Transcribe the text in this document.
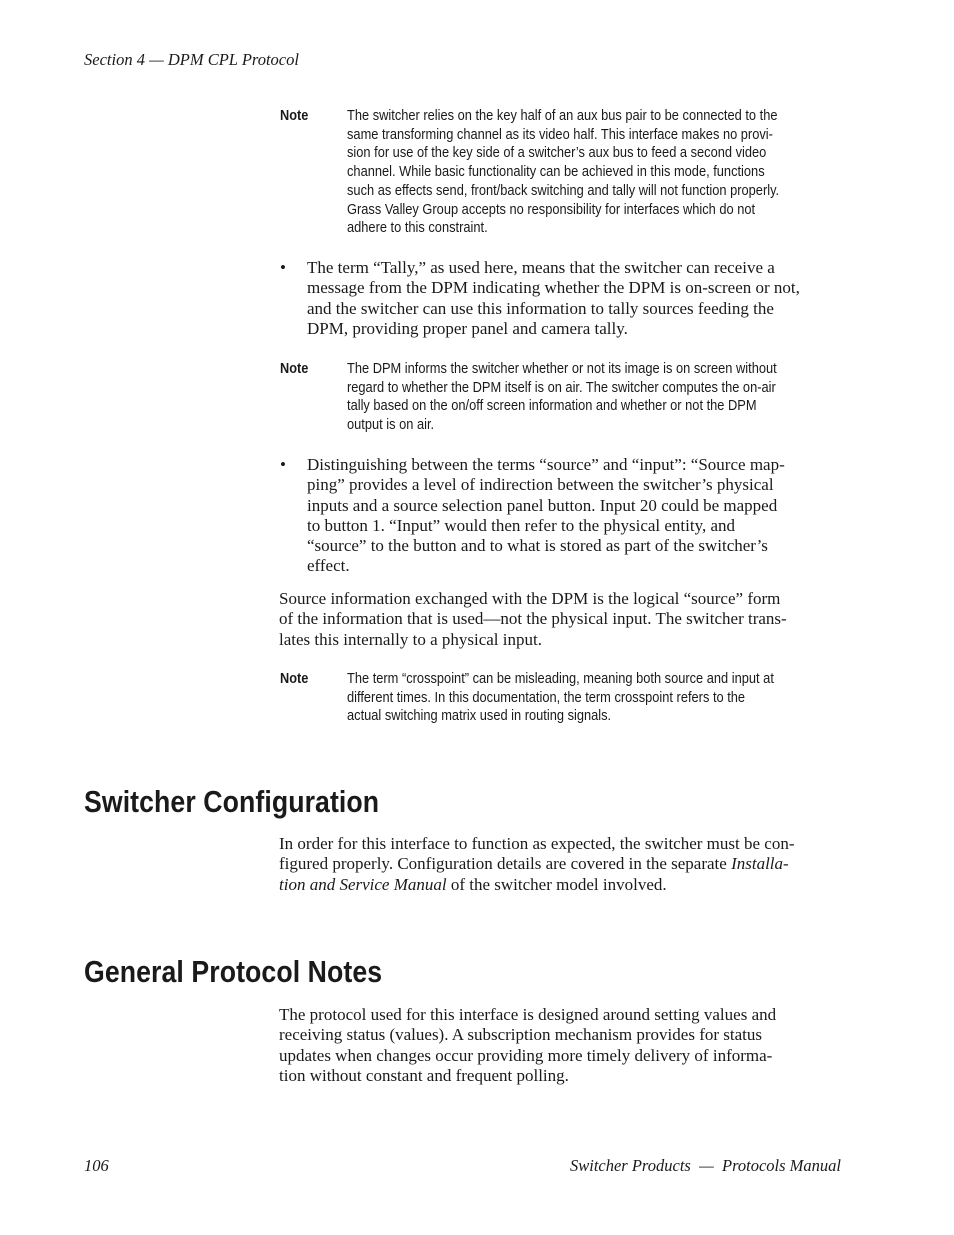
Section 4 — DPM CPL Protocol
Note	The switcher relies on the key half of an aux bus pair to be connected to the
same transforming channel as its video half. This interface makes no provi-
sion for use of the key side of a switcher’s aux bus to feed a second video
channel. While basic functionality can be achieved in this mode, functions
such as effects send, front/back switching and tally will not function properly.
Grass Valley Group accepts no responsibility for interfaces which do not
adhere to this constraint.
• The term “Tally,” as used here, means that the switcher can receive a
message from the DPM indicating whether the DPM is on-screen or not,
and the switcher can use this information to tally sources feeding the
DPM, providing proper panel and camera tally.
Note	The DPM informs the switcher whether or not its image is on screen without
regard to whether the DPM itself is on air. The switcher computes the on-air
tally based on the on/off screen information and whether or not the DPM
output is on air.
• Distinguishing between the terms “source” and “input”: “Source map-
ping” provides a level of indirection between the switcher’s physical
inputs and a source selection panel button. Input 20 could be mapped
to button 1. “Input” would then refer to the physical entity, and
“source” to the button and to what is stored as part of the switcher’s
effect.
Source information exchanged with the DPM is the logical “source” form
of the information that is used—not the physical input. The switcher trans-
lates this internally to a physical input.
Note	The term “crosspoint” can be misleading, meaning both source and input at
different times. In this documentation, the term crosspoint refers to the
actual switching matrix used in routing signals.
Switcher Configuration
In order for this interface to function as expected, the switcher must be con-
figured properly. Configuration details are covered in the separate Installa-
tion and Service Manual of the switcher model involved.
General Protocol Notes
The protocol used for this interface is designed around setting values and
receiving status (values). A subscription mechanism provides for status
updates when changes occur providing more timely delivery of informa-
tion without constant and frequent polling.
106	Switcher Products  —  Protocols Manual
